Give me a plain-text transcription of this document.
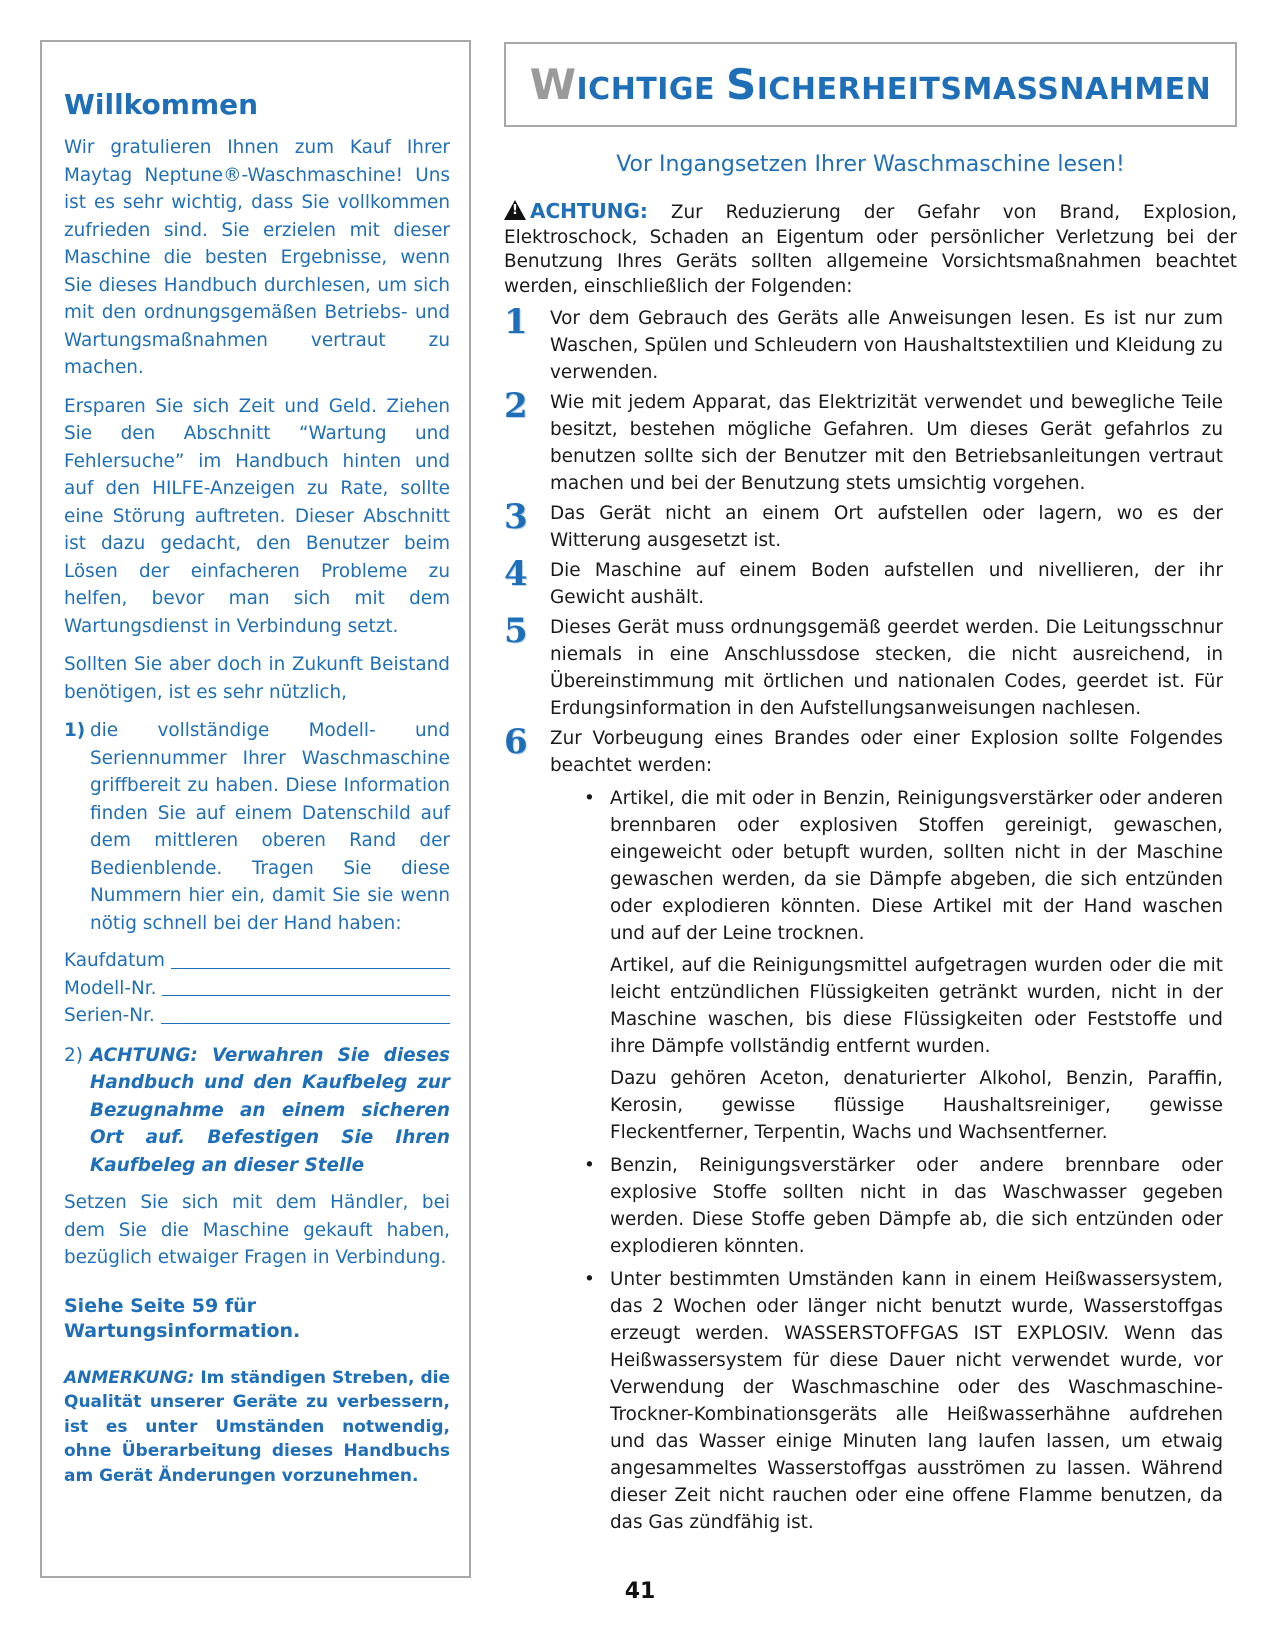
Willkommen

Wir gratulieren Ihnen zum Kauf Ihrer Maytag Neptune®-Waschmaschine! Uns ist es sehr wichtig, dass Sie vollkommen zufrieden sind. Sie erzielen mit dieser Maschine die besten Ergebnisse, wenn Sie dieses Handbuch durchlesen, um sich mit den ordnungsgemäßen Betriebs- und Wartungsmaßnahmen vertraut zu machen.

Ersparen Sie sich Zeit und Geld. Ziehen Sie den Abschnitt “Wartung und Fehlersuche” im Handbuch hinten und auf den HILFE-Anzeigen zu Rate, sollte eine Störung auftreten. Dieser Abschnitt ist dazu gedacht, den Benutzer beim Lösen der einfacheren Probleme zu helfen, bevor man sich mit dem Wartungsdienst in Verbindung setzt.

Sollten Sie aber doch in Zukunft Beistand benötigen, ist es sehr nützlich,

1) die vollständige Modell- und Seriennummer Ihrer Waschmaschine griffbereit zu haben. Diese Information finden Sie auf einem Datenschild auf dem mittleren oberen Rand der Bedienblende. Tragen Sie diese Nummern hier ein, damit Sie sie wenn nötig schnell bei der Hand haben:
Kaufdatum
Modell-Nr.
Serien-Nr.
2) ACHTUNG: Verwahren Sie dieses Handbuch und den Kaufbeleg zur Bezugnahme an einem sicheren Ort auf. Befestigen Sie Ihren Kaufbeleg an dieser Stelle

Setzen Sie sich mit dem Händler, bei dem Sie die Maschine gekauft haben, bezüglich etwaiger Fragen in Verbindung.

Siehe Seite 59 für Wartungsinformation.

ANMERKUNG: Im ständigen Streben, die Qualität unserer Geräte zu verbessern, ist es unter Umständen notwendig, ohne Überarbeitung dieses Handbuchs am Gerät Änderungen vorzunehmen.

WICHTIGE SICHERHEITSMASSNAHMEN
Vor Ingangsetzen Ihrer Waschmaschine lesen!

! ACHTUNG: Zur Reduzierung der Gefahr von Brand, Explosion, Elektroschock, Schaden an Eigentum oder persönlicher Verletzung bei der Benutzung Ihres Geräts sollten allgemeine Vorsichtsmaßnahmen beachtet werden, einschließlich der Folgenden:

1	Vor dem Gebrauch des Geräts alle Anweisungen lesen. Es ist nur zum Waschen, Spülen und Schleudern von Haushaltstextilien und Kleidung zu verwenden.
2	Wie mit jedem Apparat, das Elektrizität verwendet und bewegliche Teile besitzt, bestehen mögliche Gefahren. Um dieses Gerät gefahrlos zu benutzen sollte sich der Benutzer mit den Betriebsanleitungen vertraut machen und bei der Benutzung stets umsichtig vorgehen.
3	Das Gerät nicht an einem Ort aufstellen oder lagern, wo es der Witterung ausgesetzt ist.
4	Die Maschine auf einem Boden aufstellen und nivellieren, der ihr Gewicht aushält.
5	Dieses Gerät muss ordnungsgemäß geerdet werden. Die Leitungsschnur niemals in eine Anschlussdose stecken, die nicht ausreichend, in Übereinstimmung mit örtlichen und nationalen Codes, geerdet ist. Für Erdungsinformation in den Aufstellungsanweisungen nachlesen.
6	Zur Vorbeugung eines Brandes oder einer Explosion sollte Folgendes beachtet werden:
• Artikel, die mit oder in Benzin, Reinigungsverstärker oder anderen brennbaren oder explosiven Stoffen gereinigt, gewaschen, eingeweicht oder betupft wurden, sollten nicht in der Maschine gewaschen werden, da sie Dämpfe abgeben, die sich entzünden oder explodieren könnten. Diese Artikel mit der Hand waschen und auf der Leine trocknen.
Artikel, auf die Reinigungsmittel aufgetragen wurden oder die mit leicht entzündlichen Flüssigkeiten getränkt wurden, nicht in der Maschine waschen, bis diese Flüssigkeiten oder Feststoffe und ihre Dämpfe vollständig entfernt wurden.
Dazu gehören Aceton, denaturierter Alkohol, Benzin, Paraffin, Kerosin, gewisse flüssige Haushaltsreiniger, gewisse Fleckentferner, Terpentin, Wachs und Wachsentferner.
• Benzin, Reinigungsverstärker oder andere brennbare oder explosive Stoffe sollten nicht in das Waschwasser gegeben werden. Diese Stoffe geben Dämpfe ab, die sich entzünden oder explodieren könnten.
• Unter bestimmten Umständen kann in einem Heißwassersystem, das 2 Wochen oder länger nicht benutzt wurde, Wasserstoffgas erzeugt werden. WASSERSTOFFGAS IST EXPLOSIV. Wenn das Heißwassersystem für diese Dauer nicht verwendet wurde, vor Verwendung der Waschmaschine oder des Waschmaschine-Trockner-Kombinationsgeräts alle Heißwasserhähne aufdrehen und das Wasser einige Minuten lang laufen lassen, um etwaig angesammeltes Wasserstoffgas ausströmen zu lassen. Während dieser Zeit nicht rauchen oder eine offene Flamme benutzen, da das Gas zündfähig ist.
41
